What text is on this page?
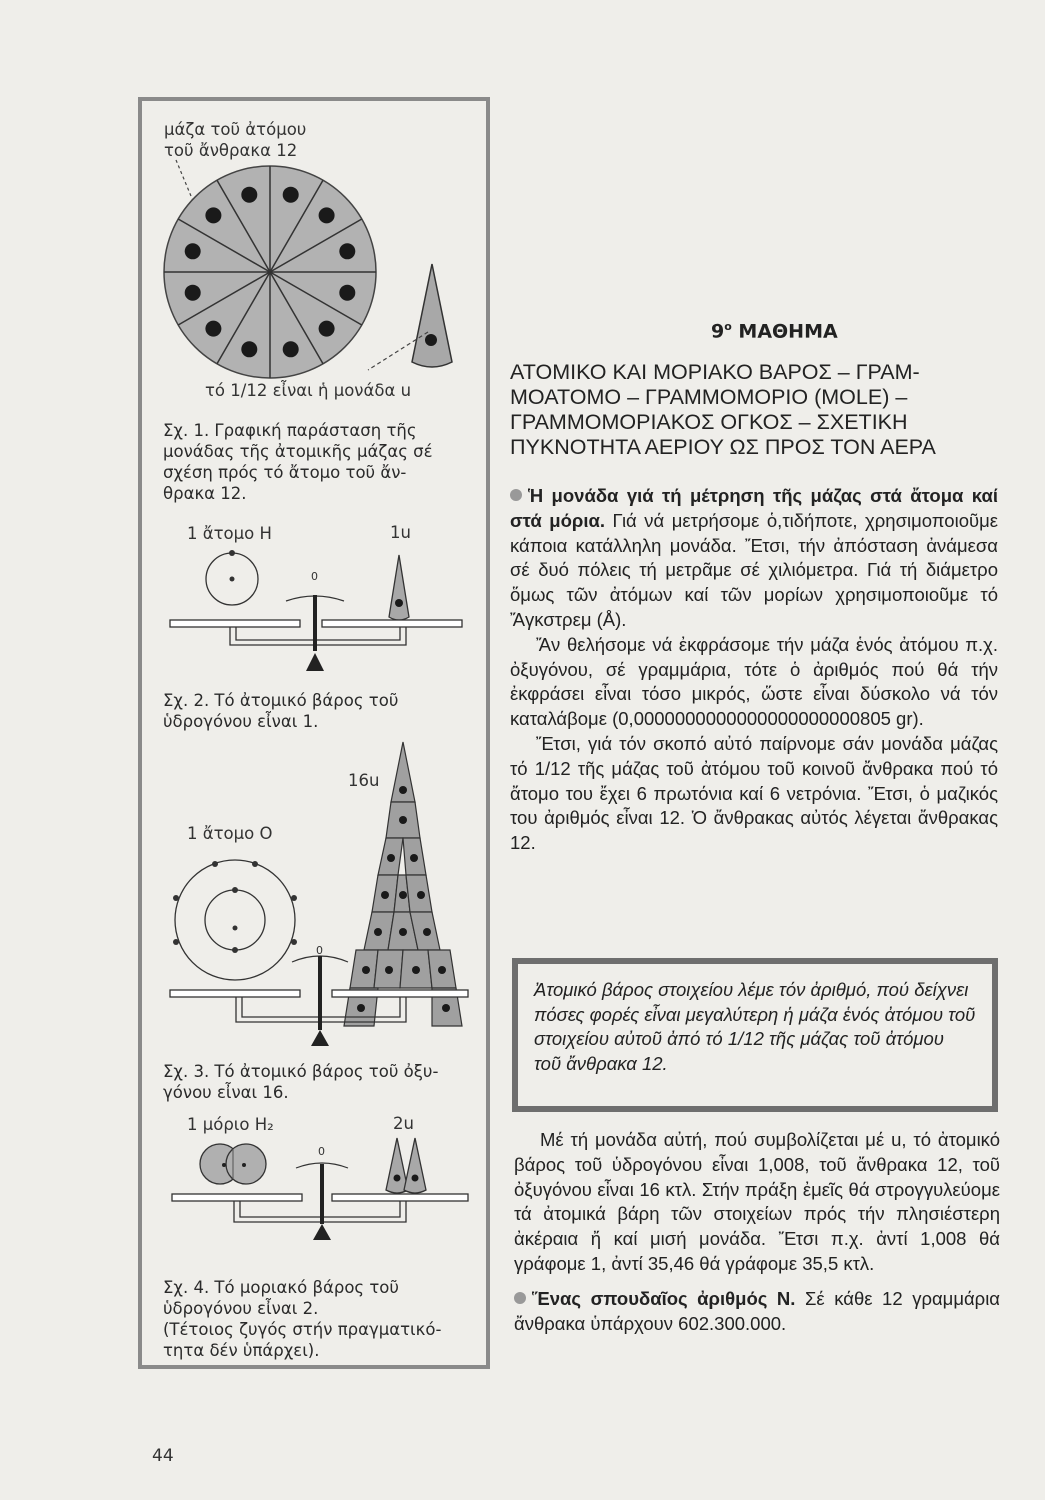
μάζα τοῦ ἀτόμου
τοῦ ἄνθρακα 12
τό 1/12 εἶναι ἡ μονάδα u
Σχ. 1. Γραφική παράσταση τῆς
μονάδας τῆς ἀτομικῆς μάζας σέ
σχέση πρός τό ἄτομο τοῦ ἄν-
θρακα 12.
1 ἄτομο Η	1u
0
Σχ. 2. Τό ἀτομικό βάρος τοῦ
ὑδρογόνου εἶναι 1.
16u
1 ἄτομο Ο
0
Σχ. 3. Τό ἀτομικό βάρος τοῦ ὀξυ-
γόνου εἶναι 16.
1 μόριο H₂	2u
0
Σχ. 4. Τό μοριακό βάρος τοῦ
ὑδρογόνου εἶναι 2.
(Τέτοιος ζυγός στήν πραγματικό-
τητα δέν ὑπάρχει).
$9^o$ ΜΑΘΗΜΑ
ΑΤΟΜΙΚΟ ΚΑΙ ΜΟΡΙΑΚΟ ΒΑΡΟΣ – ΓΡΑΜ-
ΜΟΑΤΟΜΟ – ΓΡΑΜΜΟΜΟΡΙΟ (MOLE) –
ΓΡΑΜΜΟΜΟΡΙΑΚΟΣ ΟΓΚΟΣ – ΣΧΕΤΙΚΗ
ΠΥΚΝΟΤΗΤΑ ΑΕΡΙΟΥ ΩΣ ΠΡΟΣ ΤΟΝ ΑΕΡΑ

Ἡ μονάδα γιά τή μέτρηση τῆς μάζας στά ἄτομα καί στά μόρια. Γιά νά μετρήσομε ὁ,τιδήποτε, χρησιμοποιοῦμε κάποια κατάλληλη μονάδα. Ἔτσι, τήν ἀπόσταση ἀνάμεσα σέ δυό πόλεις τή μετρᾶμε σέ χιλιόμετρα. Γιά τή διάμετρο ὅμως τῶν ἀτόμων καί τῶν μορίων χρησιμοποιοῦμε τό Ἄγκστρεμ (Å).

Ἄν θελήσομε νά ἐκφράσομε τήν μάζα ἑνός ἀτόμου π.χ. ὀξυγόνου, σέ γραμμάρια, τότε ὁ ἀριθμός πού θά τήν ἐκφράσει εἶναι τόσο μικρός, ὥστε εἶναι δύσκολο νά τόν καταλάβομε (0,0000000000000000000000805 gr).

Ἔτσι, γιά τόν σκοπό αὐτό παίρνομε σάν μονάδα μάζας τό 1/12 τῆς μάζας τοῦ ἀτόμου τοῦ κοινοῦ ἄνθρακα πού τό ἄτομο του ἔχει 6 πρωτόνια καί 6 νετρόνια. Ἔτσι, ὁ μαζικός του ἀριθμός εἶναι 12. Ὁ ἄνθρακας αὐτός λέγεται ἄνθρακας 12.

Ἀτομικό βάρος στοιχείου λέμε τόν ἀριθμό, πού δείχνει πόσες φορές εἶναι μεγαλύτερη ἡ μάζα ἑνός ἀτόμου τοῦ στοιχείου αὐτοῦ ἀπό τό 1/12 τῆς μάζας τοῦ ἀτόμου τοῦ ἄνθρακα 12.

Μέ τή μονάδα αὐτή, πού συμβολίζεται μέ u, τό ἀτομικό βάρος τοῦ ὑδρογόνου εἶναι 1,008, τοῦ ἄνθρακα 12, τοῦ ὀξυγόνου εἶναι 16 κτλ. Στήν πράξη ἐμεῖς θά στρογγυλεύομε τά ἀτομικά βάρη τῶν στοιχείων πρός τήν πλησιέστερη ἀκέραια ἤ καί μισή μονάδα. Ἔτσι π.χ. ἀντί 1,008 θά γράφομε 1, ἀντί 35,46 θά γράφομε 35,5 κτλ.

Ἕνας σπουδαῖος ἀριθμός N. Σέ κάθε 12 γραμμάρια ἄνθρακα ὑπάρχουν 602.300.000.

44
